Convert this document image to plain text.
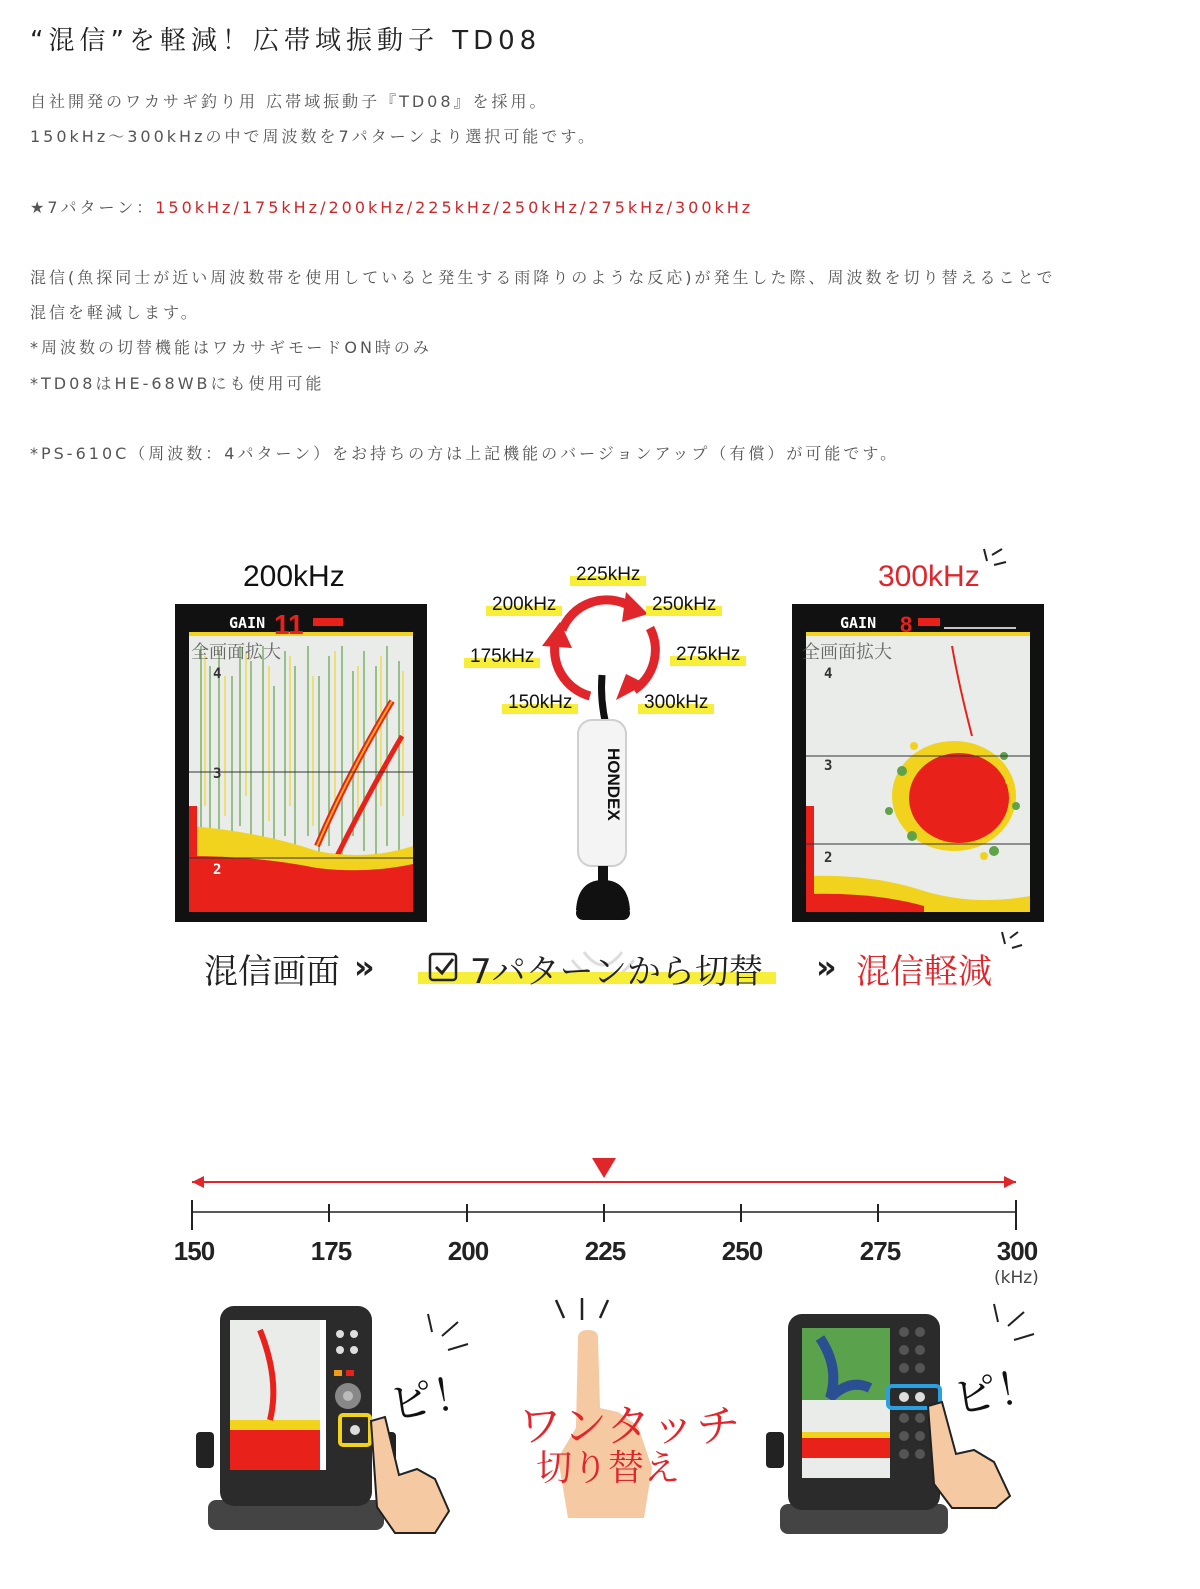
“混信”を軽減！広帯域振動子 TD08
自社開発のワカサギ釣り用 広帯域振動子『TD08』を採用。
150kHz〜300kHzの中で周波数を7パターンより選択可能です。
★7パターン：150kHz/175kHz/200kHz/225kHz/250kHz/275kHz/300kHz
混信(魚探同士が近い周波数帯を使用していると発生する雨降りのような反応)が発生した際、周波数を切り替えることで
混信を軽減します。
*周波数の切替機能はワカサギモードON時のみ
*TD08はHE-68WBにも使用可能
*PS-610C（周波数：4パターン）をお持ちの方は上記機能のバージョンアップ（有償）が可能です。
200kHz	300kHz
GAIN 11
全画面拡大
4
3
2
GAIN 8
全画面拡大
4
3
2
HONDEX
225kHz
200kHz	250kHz
175kHz	275kHz
150kHz	300kHz
混信画面 »	7パターンから切替 » 混信軽減
150	175	200	225	250	275	300
(kHz)
ピ！ ワンタッチ
切り替え
ピ！
